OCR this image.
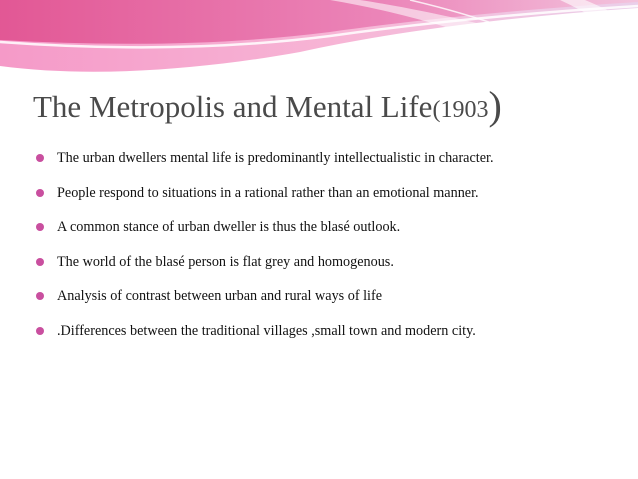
The Metropolis and Mental Life(1903)
The urban dwellers mental life is predominantly intellectualistic in character.
People respond to situations in a rational rather than an emotional manner.
A common stance of urban dweller is thus the blasé outlook.
The world of the blasé person is flat grey and homogenous.
Analysis of contrast between urban and rural ways of life
.Differences between the traditional villages ,small town and modern city.
